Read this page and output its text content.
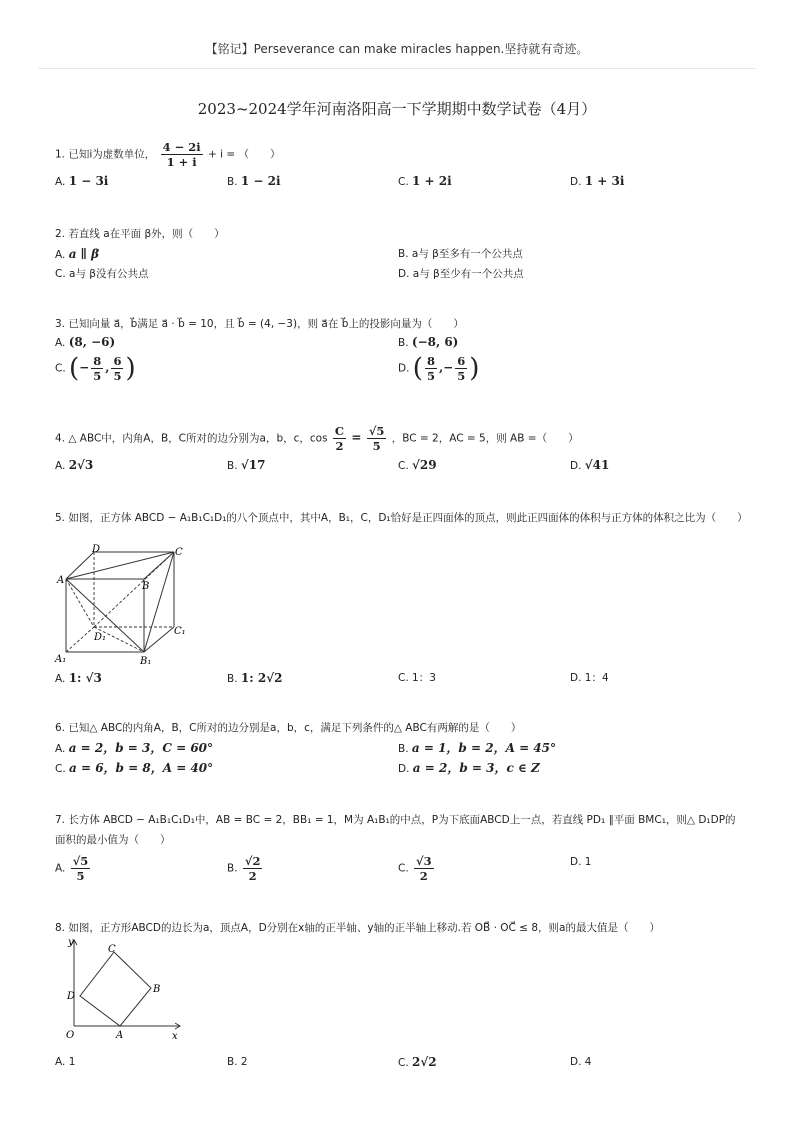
【铭记】Perseverance can make miracles happen.坚持就有奇迹。
2023~2024学年河南洛阳高一下学期期中数学试卷（4月）
1. 已知i为虚数单位， $\frac{4 - 2i}{1 + i} + i$ = （　　）
A. 1 − 3i	B. 1 − 2i	C. 1 + 2i	D. 1 + 3i
2. 若直线 a在平面 β外，则（　　）
A. a ∥ β	B. a与 β至多有一个公共点
C. a与 β没有公共点	D. a与 β至少有一个公共点
3. 已知向量 a⃗，b⃗满足 a⃗ · b⃗ = 10，且 b⃗ = (4, −3)，则 a⃗在 b⃗上的投影向量为（　　）
A. (8, −6)	B. (−8, 6)
C. (− $\frac{8}{5}$ , $\frac{6}{5}$ )	D. ( $\frac{8}{5}$ ,− $\frac{6}{5}$ )
4. △ ABC中，内角A，B，C所对的边分别为a，b，c，$\cos \frac{C}{2} = \frac{√5}{5}$ ，BC = 2，AC = 5，则 AB =（　　）
A. 2√3	B. √17	C. √29	D. √41
5. 如图，正方体 ABCD − A₁B₁C₁D₁的八个顶点中，其中A，B₁，C，D₁恰好是正四面体的顶点，则此正四面体的体积与正方体的体积之比为（　　）
D	C
A
B
D₁
C₁
A₁	B₁
A. 1: √3	B. 1: 2√2	C. 1：3	D. 1：4
6. 已知△ ABC的内角A，B，C所对的边分别是a，b，c，满足下列条件的△ ABC有两解的是（　　）
A. a = 2，b = 3，C = 60°	B. a = 1，b = 2，A = 45°
C. a = 6，b = 8，A = 40°	D. a = 2，b = 3，c ∈ Z
7. 长方体 ABCD − A₁B₁C₁D₁中，AB = BC = 2，BB₁ = 1，M为 A₁B₁的中点，P为下底面ABCD上一点，若直线 PD₁ ∥平面 BMC₁，则△ D₁DP的面积的最小值为（　　）
A. $\frac{√5}{5}$	B. $\frac{√2}{2}$	C. $\frac{√3}{2}$	D. 1
8. 如图，正方形ABCD的边长为a，顶点A，D分别在x轴的正半轴、y轴的正半轴上移动.若 OB⃗ · OC⃗ ≤ 8，则a的最大值是（　　）
y
x
O	A
B
C
D
A. 1	B. 2	C. 2√2	D. 4
